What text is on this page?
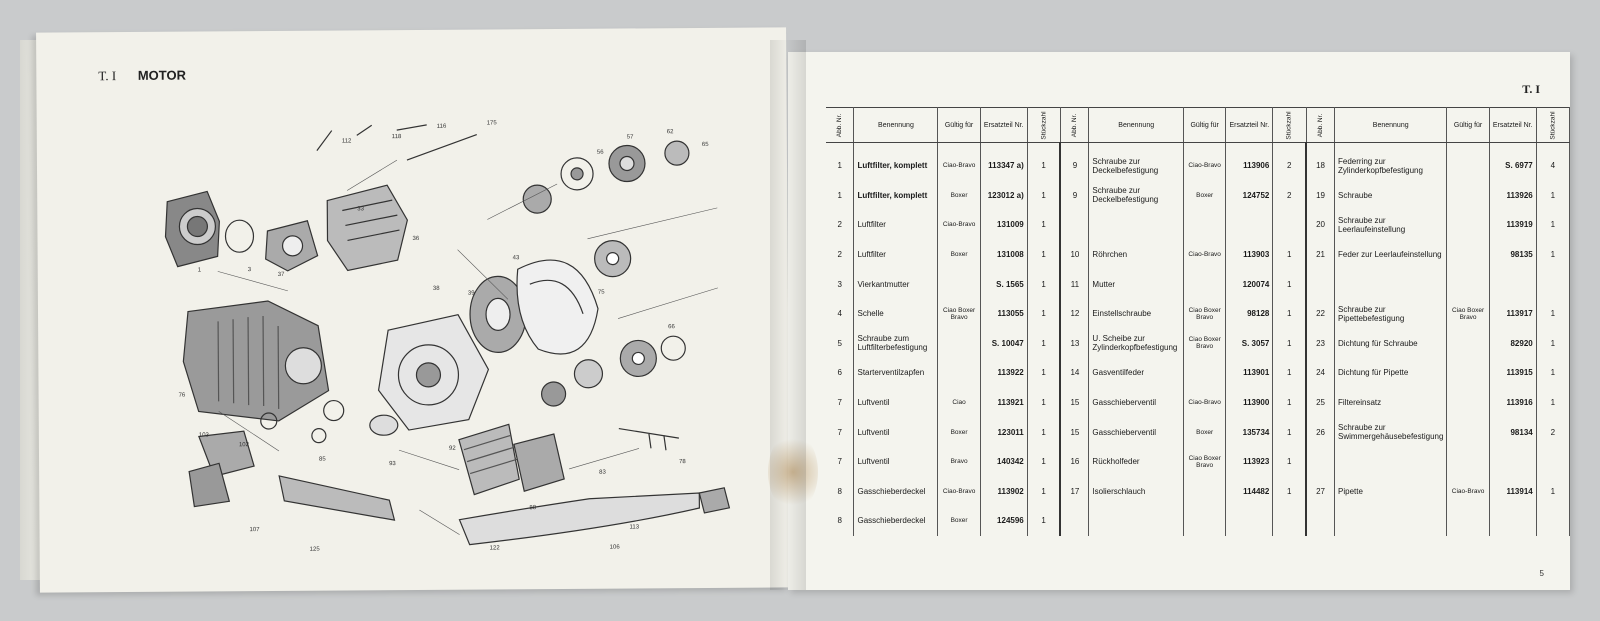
T. I MOTOR
112
118
116
175
56
57
62
65
1	3
37
33
36
38
39
43
75
66
76
103
102
85
93
92
88
83
78
122
107
125	106
113
T. I
Abb. Nr.	Benennung	Gültig für	Ersatzteil Nr.	Stückzahl	Abb. Nr.	Benennung	Gültig für	Ersatzteil Nr.	Stückzahl	Abb. Nr.	Benennung	Gültig für	Ersatzteil Nr.	Stückzahl
1	Luftfilter, komplett	Ciao-Bravo	113347 a)	1	9	Schraube zur Deckelbefestigung	Ciao-Bravo	113906	2	18	Federring zur Zylinderkopfbefestigung		S. 6977	4
1	Luftfilter, komplett	Boxer	123012 a)	1	9	Schraube zur Deckelbefestigung	Boxer	124752	2	19	Schraube		113926	1
2	Luftfilter	Ciao-Bravo	131009	1						20	Schraube zur Leerlaufeinstellung		113919	1
2	Luftfilter	Boxer	131008	1	10	Röhrchen	Ciao-Bravo	113903	1	21	Feder zur Leerlaufeinstellung		98135	1
3	Vierkantmutter		S. 1565	1	11	Mutter		120074	1					
4	Schelle	Ciao Boxer Bravo	113055	1	12	Einstellschraube	Ciao Boxer Bravo	98128	1	22	Schraube zur Pipettebefestigung	Ciao Boxer Bravo	113917	1
5	Schraube zum Luftfilterbefestigung		S. 10047	1	13	U. Scheibe zur Zylinderkopfbefestigung	Ciao Boxer Bravo	S. 3057	1	23	Dichtung für Schraube		82920	1
6	Starterventilzapfen		113922	1	14	Gasventilfeder		113901	1	24	Dichtung für Pipette		113915	1
7	Luftventil	Ciao	113921	1	15	Gasschieberventil	Ciao-Bravo	113900	1	25	Filtereinsatz		113916	1
7	Luftventil	Boxer	123011	1	15	Gasschieberventil	Boxer	135734	1	26	Schraube zur Swimmergehäusebefestigung		98134	2
7	Luftventil	Bravo	140342	1	16	Rückholfeder	Ciao Boxer Bravo	113923	1					
8	Gasschieberdeckel	Ciao-Bravo	113902	1	17	Isolierschlauch		114482	1	27	Pipette	Ciao-Bravo	113914	1
8	Gasschieberdeckel	Boxer	124596	1										
5
